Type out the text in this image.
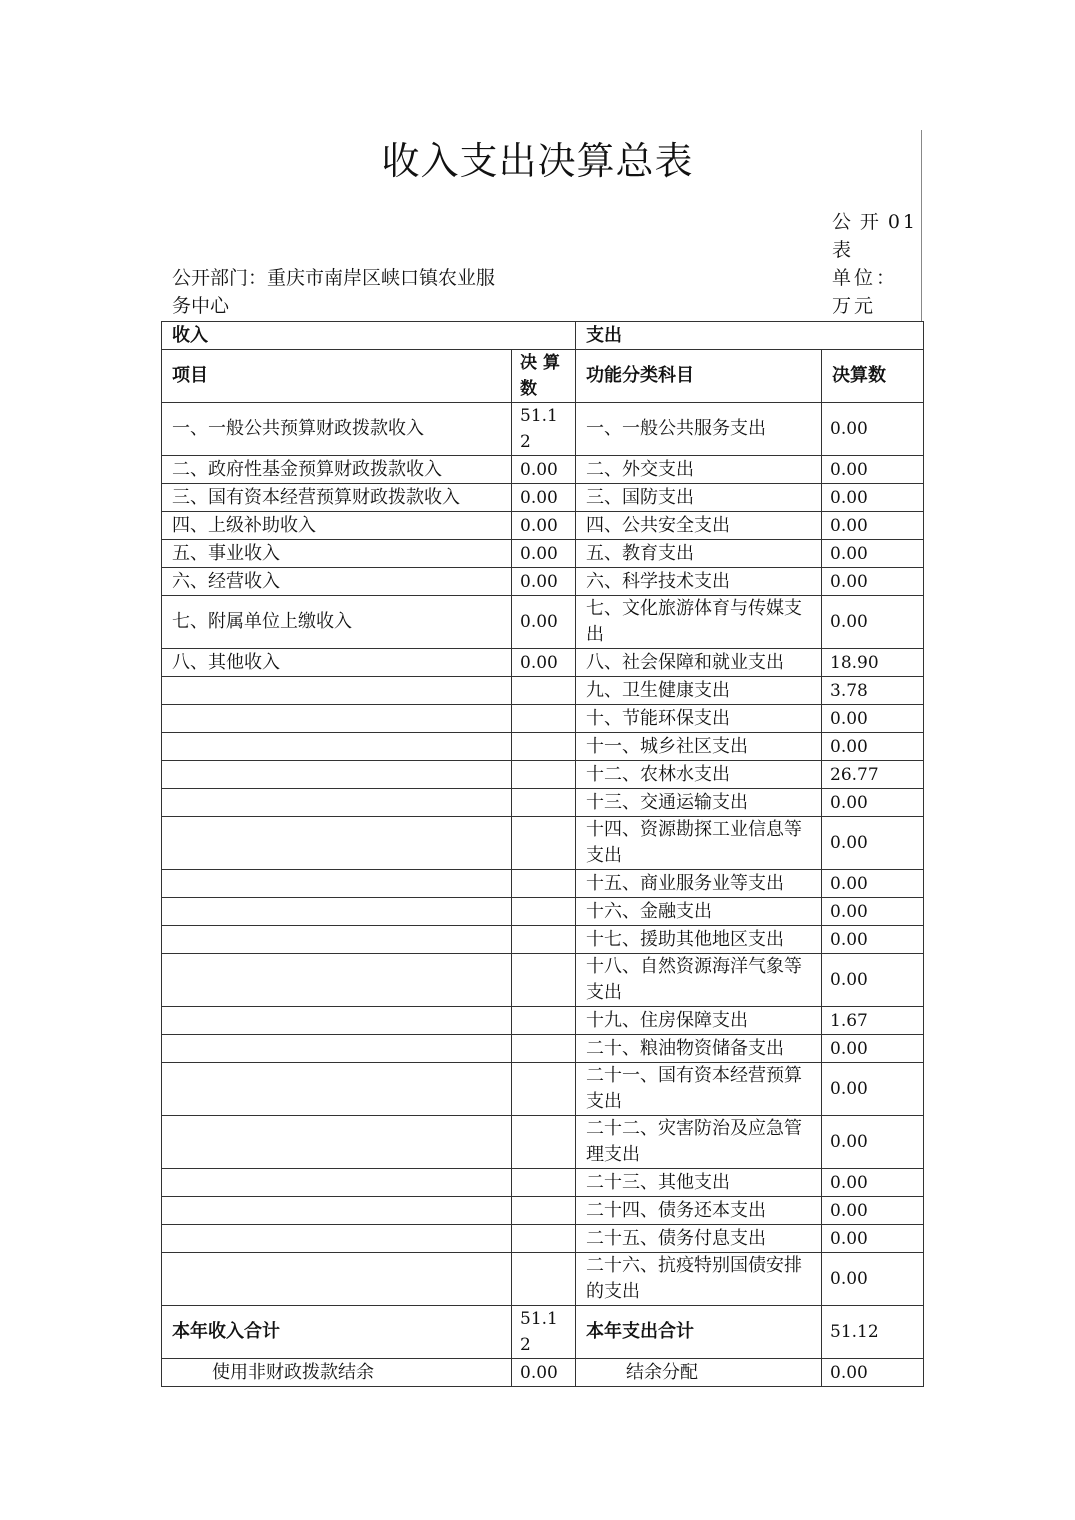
收入支出决算总表
公开部门：重庆市南岸区峡口镇农业服务中心
公开01表
单位：万元
收入		支出	
项目	决算数	功能分类科目	决算数
一、一般公共预算财政拨款收入	51.12	一、一般公共服务支出	0.00
二、政府性基金预算财政拨款收入	0.00	二、外交支出	0.00
三、国有资本经营预算财政拨款收入	0.00	三、国防支出	0.00
四、上级补助收入	0.00	四、公共安全支出	0.00
五、事业收入	0.00	五、教育支出	0.00
六、经营收入	0.00	六、科学技术支出	0.00
七、附属单位上缴收入	0.00	七、文化旅游体育与传媒支出	0.00
八、其他收入	0.00	八、社会保障和就业支出	18.90
		九、卫生健康支出	3.78
		十、节能环保支出	0.00
		十一、城乡社区支出	0.00
		十二、农林水支出	26.77
		十三、交通运输支出	0.00
		十四、资源勘探工业信息等支出	0.00
		十五、商业服务业等支出	0.00
		十六、金融支出	0.00
		十七、援助其他地区支出	0.00
		十八、自然资源海洋气象等支出	0.00
		十九、住房保障支出	1.67
		二十、粮油物资储备支出	0.00
		二十一、国有资本经营预算支出	0.00
		二十二、灾害防治及应急管理支出	0.00
		二十三、其他支出	0.00
		二十四、债务还本支出	0.00
		二十五、债务付息支出	0.00
		二十六、抗疫特别国债安排的支出	0.00
本年收入合计	51.12	本年支出合计	51.12
使用非财政拨款结余	0.00	结余分配	0.00
